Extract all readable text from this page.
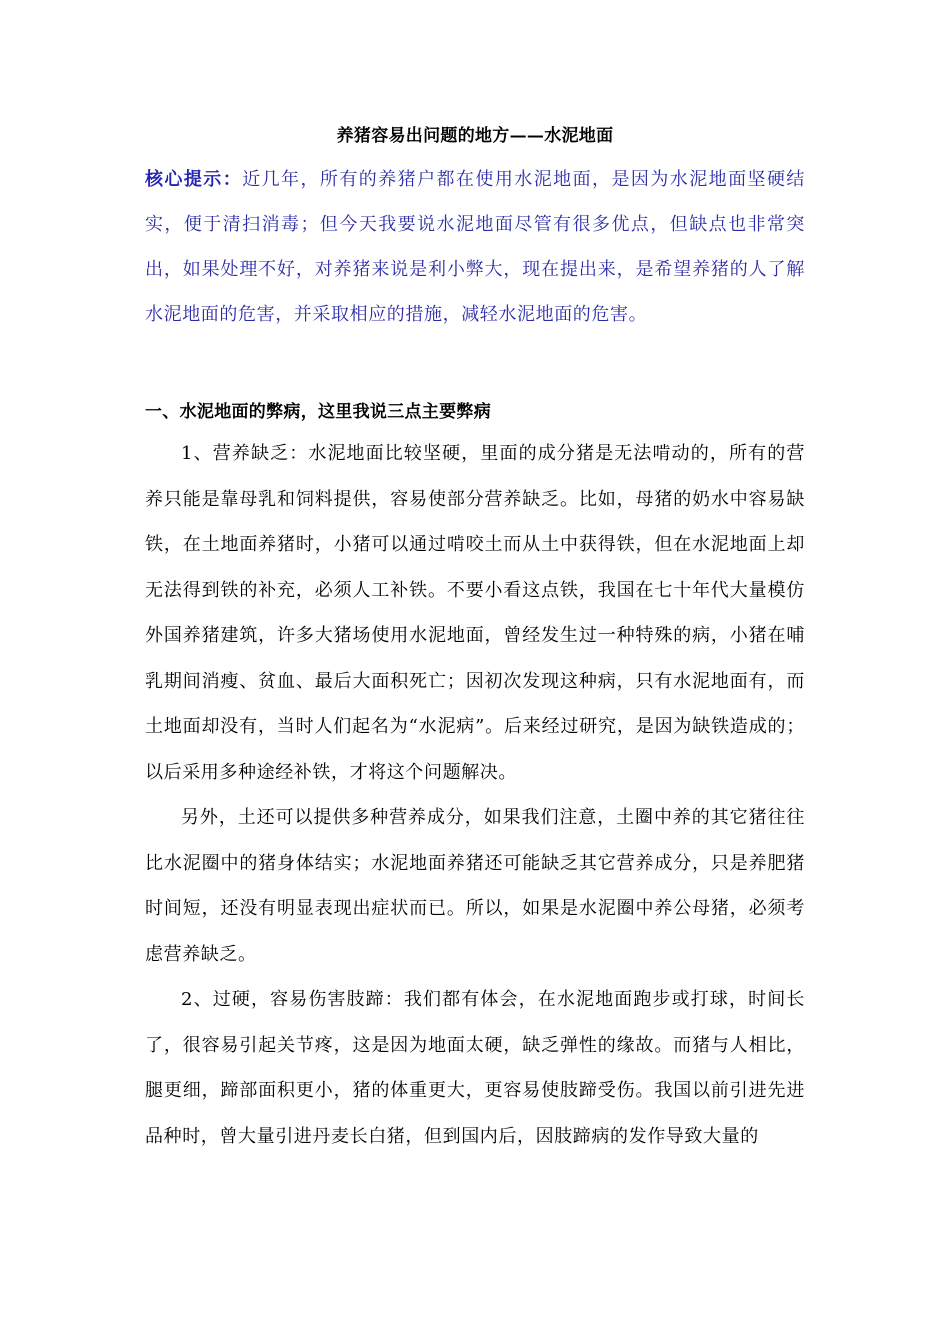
养猪容易出问题的地方——水泥地面

核心提示：近几年，所有的养猪户都在使用水泥地面，是因为水泥地面坚硬结实，便于清扫消毒；但今天我要说水泥地面尽管有很多优点，但缺点也非常突出，如果处理不好，对养猪来说是利小弊大，现在提出来，是希望养猪的人了解水泥地面的危害，并采取相应的措施，减轻水泥地面的危害。

一、水泥地面的弊病，这里我说三点主要弊病

1、营养缺乏：水泥地面比较坚硬，里面的成分猪是无法啃动的，所有的营养只能是靠母乳和饲料提供，容易使部分营养缺乏。比如，母猪的奶水中容易缺铁，在土地面养猪时，小猪可以通过啃咬土而从土中获得铁，但在水泥地面上却无法得到铁的补充，必须人工补铁。不要小看这点铁，我国在七十年代大量模仿外国养猪建筑，许多大猪场使用水泥地面，曾经发生过一种特殊的病，小猪在哺乳期间消瘦、贫血、最后大面积死亡；因初次发现这种病，只有水泥地面有，而土地面却没有，当时人们起名为“水泥病”。后来经过研究，是因为缺铁造成的；以后采用多种途经补铁，才将这个问题解决。

另外，土还可以提供多种营养成分，如果我们注意，土圈中养的其它猪往往比水泥圈中的猪身体结实；水泥地面养猪还可能缺乏其它营养成分，只是养肥猪时间短，还没有明显表现出症状而已。所以，如果是水泥圈中养公母猪，必须考虑营养缺乏。

2、过硬，容易伤害肢蹄：我们都有体会，在水泥地面跑步或打球，时间长了，很容易引起关节疼，这是因为地面太硬，缺乏弹性的缘故。而猪与人相比，腿更细，蹄部面积更小，猪的体重更大，更容易使肢蹄受伤。我国以前引进先进品种时，曾大量引进丹麦长白猪，但到国内后，因肢蹄病的发作导致大量的
